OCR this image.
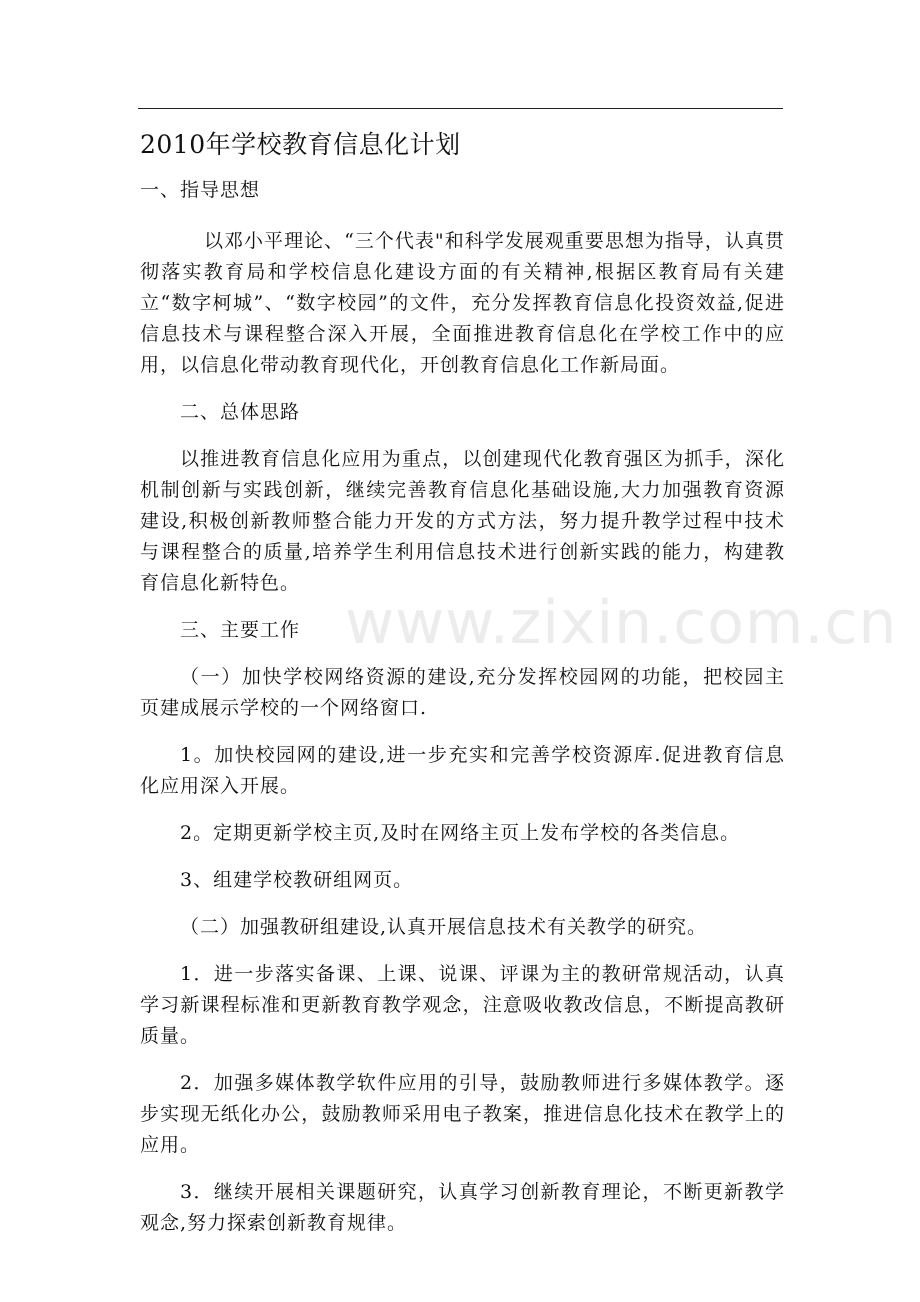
2010年学校教育信息化计划

一、指导思想

以邓小平理论、“三个代表"和科学发展观重要思想为指导，认真贯彻落实教育局和学校信息化建设方面的有关精神,根据区教育局有关建立“数字柯城”、“数字校园”的文件，充分发挥教育信息化投资效益,促进信息技术与课程整合深入开展，全面推进教育信息化在学校工作中的应用，以信息化带动教育现代化，开创教育信息化工作新局面。

二、总体思路

以推进教育信息化应用为重点，以创建现代化教育强区为抓手，深化机制创新与实践创新，继续完善教育信息化基础设施,大力加强教育资源建设,积极创新教师整合能力开发的方式方法，努力提升教学过程中技术与课程整合的质量,培养学生利用信息技术进行创新实践的能力，构建教育信息化新特色。

三、主要工作

（一）加快学校网络资源的建设,充分发挥校园网的功能，把校园主页建成展示学校的一个网络窗口.

1。加快校园网的建设,进一步充实和完善学校资源库.促进教育信息化应用深入开展。

2。定期更新学校主页,及时在网络主页上发布学校的各类信息。

3、组建学校教研组网页。

（二）加强教研组建设,认真开展信息技术有关教学的研究。

1．进一步落实备课、上课、说课、评课为主的教研常规活动，认真学习新课程标准和更新教育教学观念，注意吸收教改信息，不断提高教研质量。

2．加强多媒体教学软件应用的引导，鼓励教师进行多媒体教学。逐步实现无纸化办公，鼓励教师采用电子教案，推进信息化技术在教学上的应用。

3．继续开展相关课题研究，认真学习创新教育理论，不断更新教学观念,努力探索创新教育规律。

www.zixin.com.cn
